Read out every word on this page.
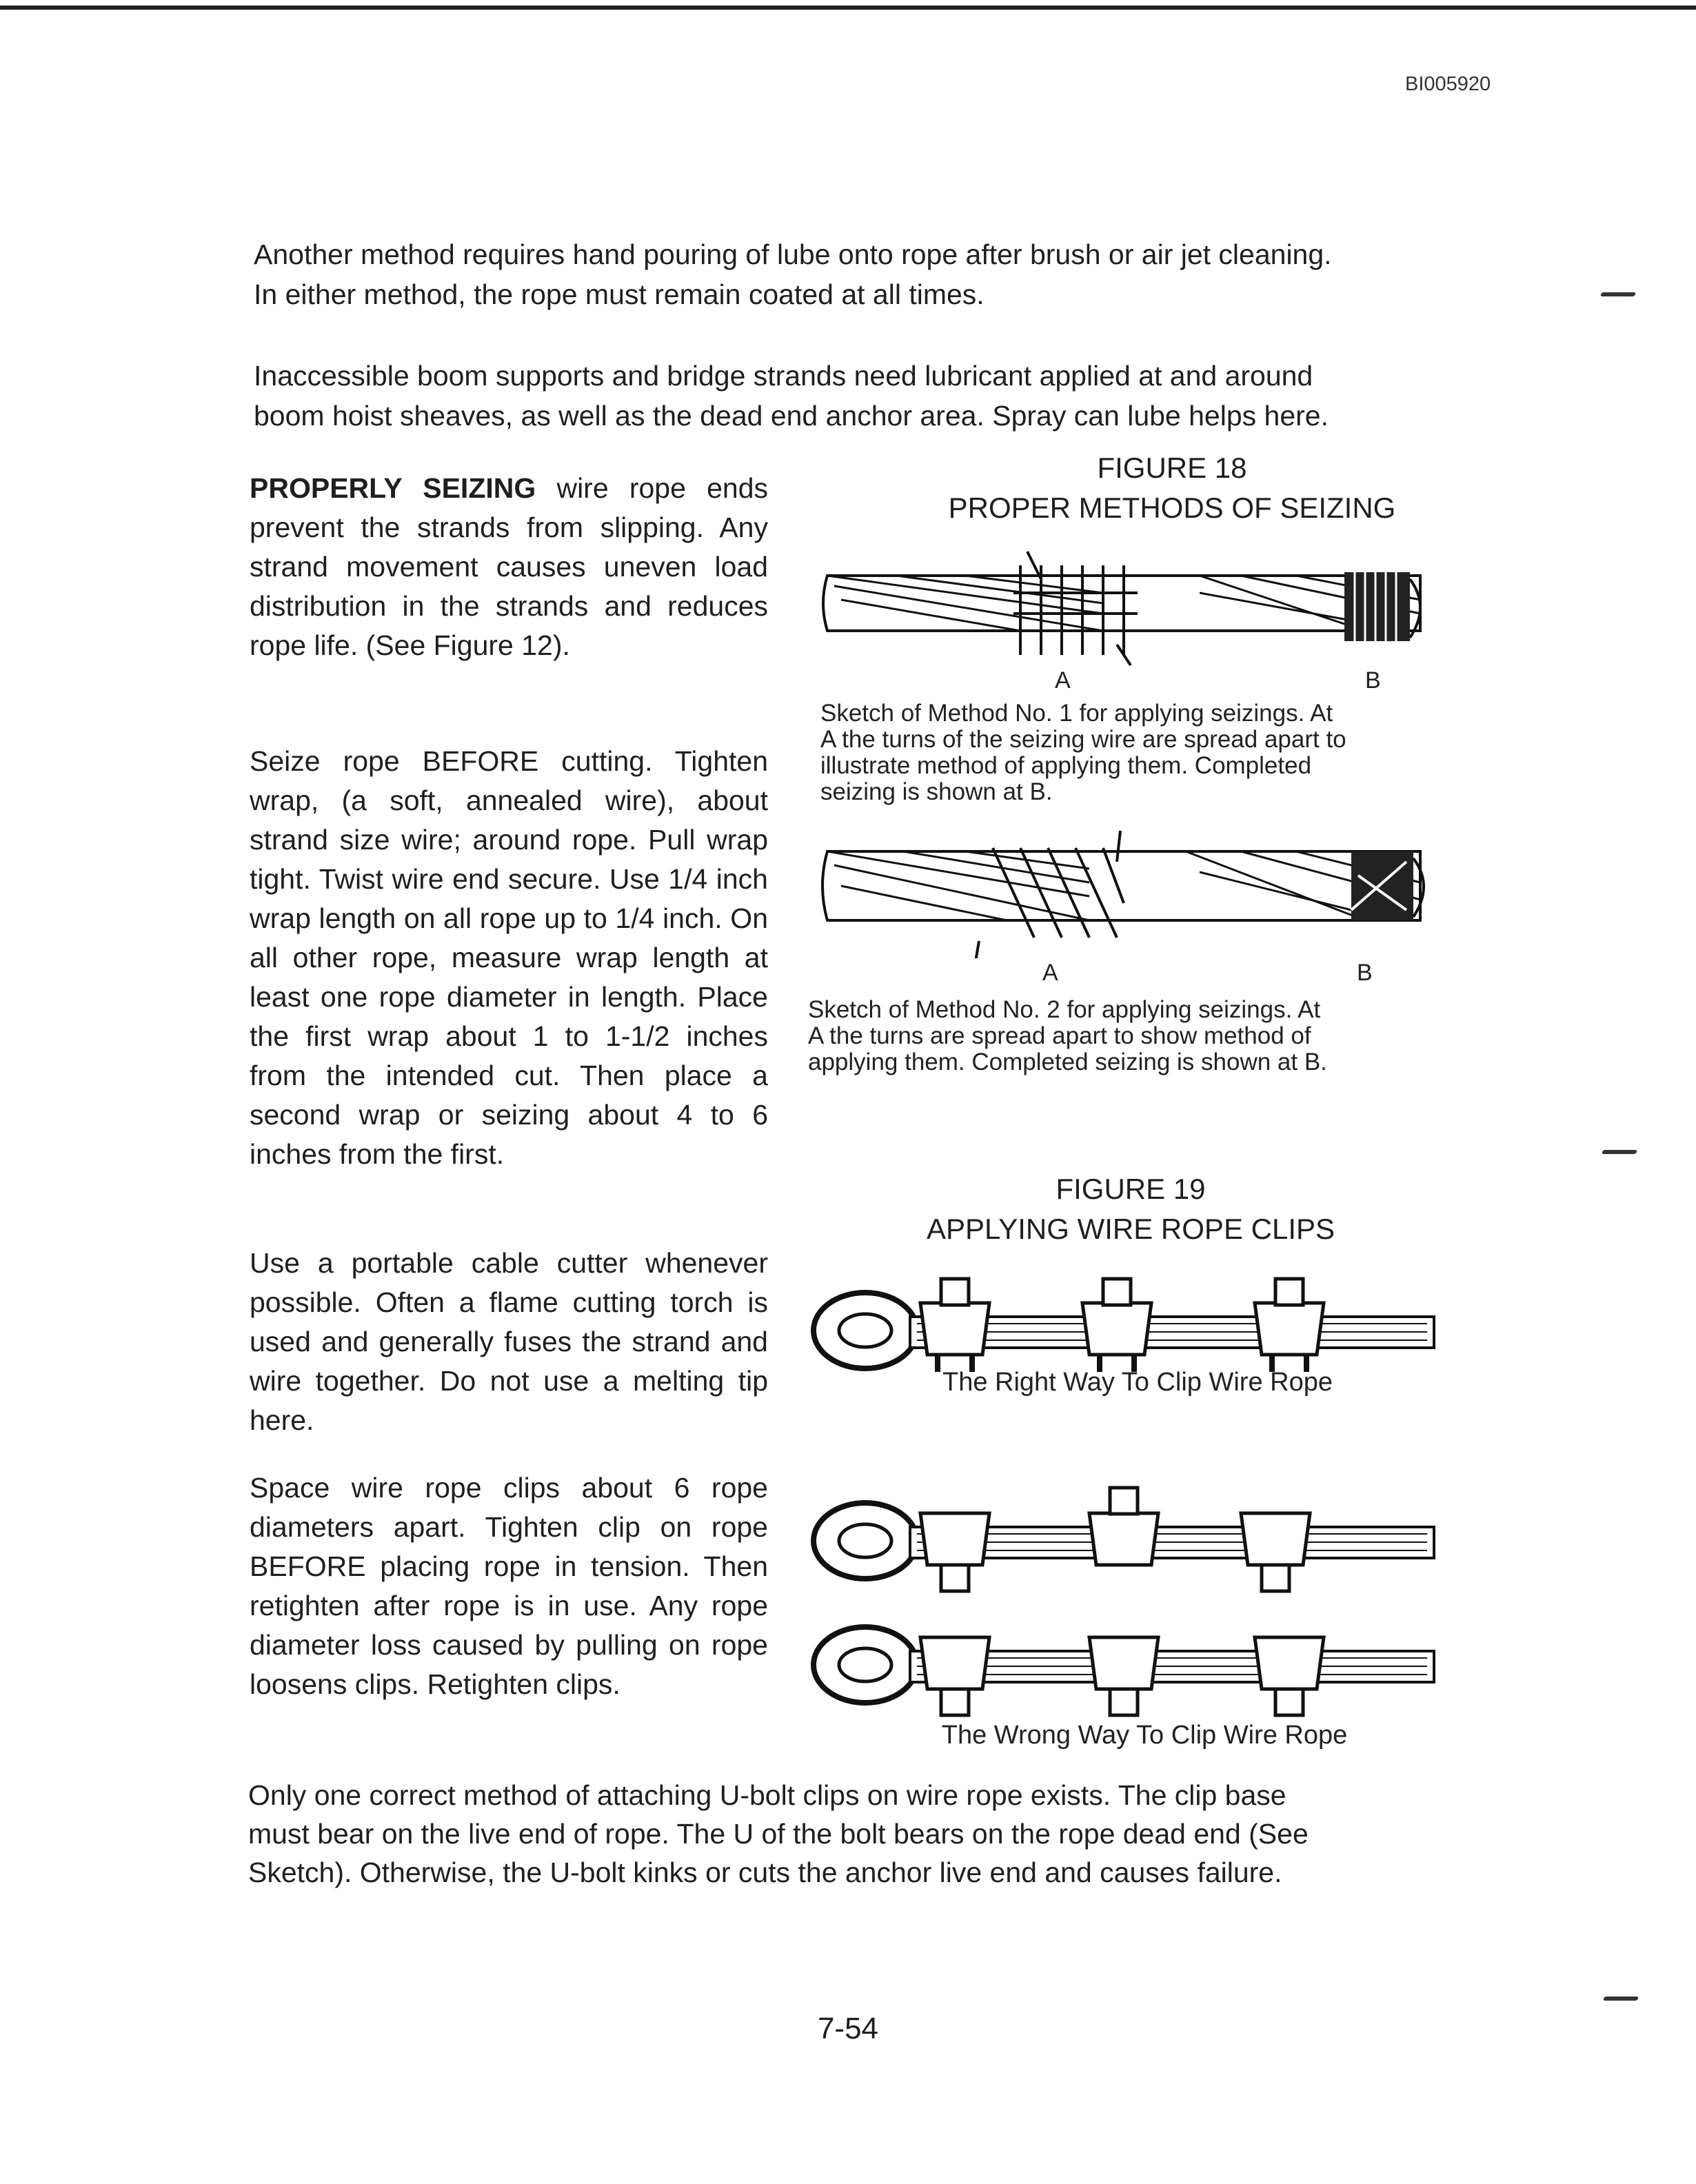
BI005920

Another method requires hand pouring of lube onto rope after brush or air jet cleaning.

In either method, the rope must remain coated at all times.

Inaccessible boom supports and bridge strands need lubricant applied at and around

boom hoist sheaves, as well as the dead end anchor area. Spray can lube helps here.

PROPERLY SEIZING wire rope ends prevent the strands from slipping. Any strand movement causes uneven load distribution in the strands and reduces rope life. (See Figure 12).
Seize rope BEFORE cutting. Tighten wrap, (a soft, annealed wire), about strand size wire; around rope. Pull wrap tight. Twist wire end secure. Use 1/4 inch wrap length on all rope up to 1/4 inch. On all other rope, measure wrap length at least one rope diameter in length. Place the first wrap about 1 to 1-1/2 inches from the intended cut. Then place a second wrap or seizing about 4 to 6 inches from the first.
Use a portable cable cutter whenever possible. Often a flame cutting torch is used and generally fuses the strand and wire together. Do not use a melting tip here.
Space wire rope clips about 6 rope diameters apart. Tighten clip on rope BEFORE placing rope in tension. Then retighten after rope is in use. Any rope diameter loss caused by pulling on rope loosens clips. Retighten clips.
FIGURE 18
PROPER METHODS OF SEIZING
A	B
Sketch of Method No. 1 for applying seizings. At
A the turns of the seizing wire are spread apart to
illustrate method of applying them. Completed
seizing is shown at B.
A	B
Sketch of Method No. 2 for applying seizings. At
A the turns are spread apart to show method of
applying them. Completed seizing is shown at B.
FIGURE 19
APPLYING WIRE ROPE CLIPS
The Right Way To Clip Wire Rope
The Wrong Way To Clip Wire Rope

Only one correct method of attaching U-bolt clips on wire rope exists. The clip base

must bear on the live end of rope. The U of the bolt bears on the rope dead end (See

Sketch). Otherwise, the U-bolt kinks or cuts the anchor live end and causes failure.

7-54
